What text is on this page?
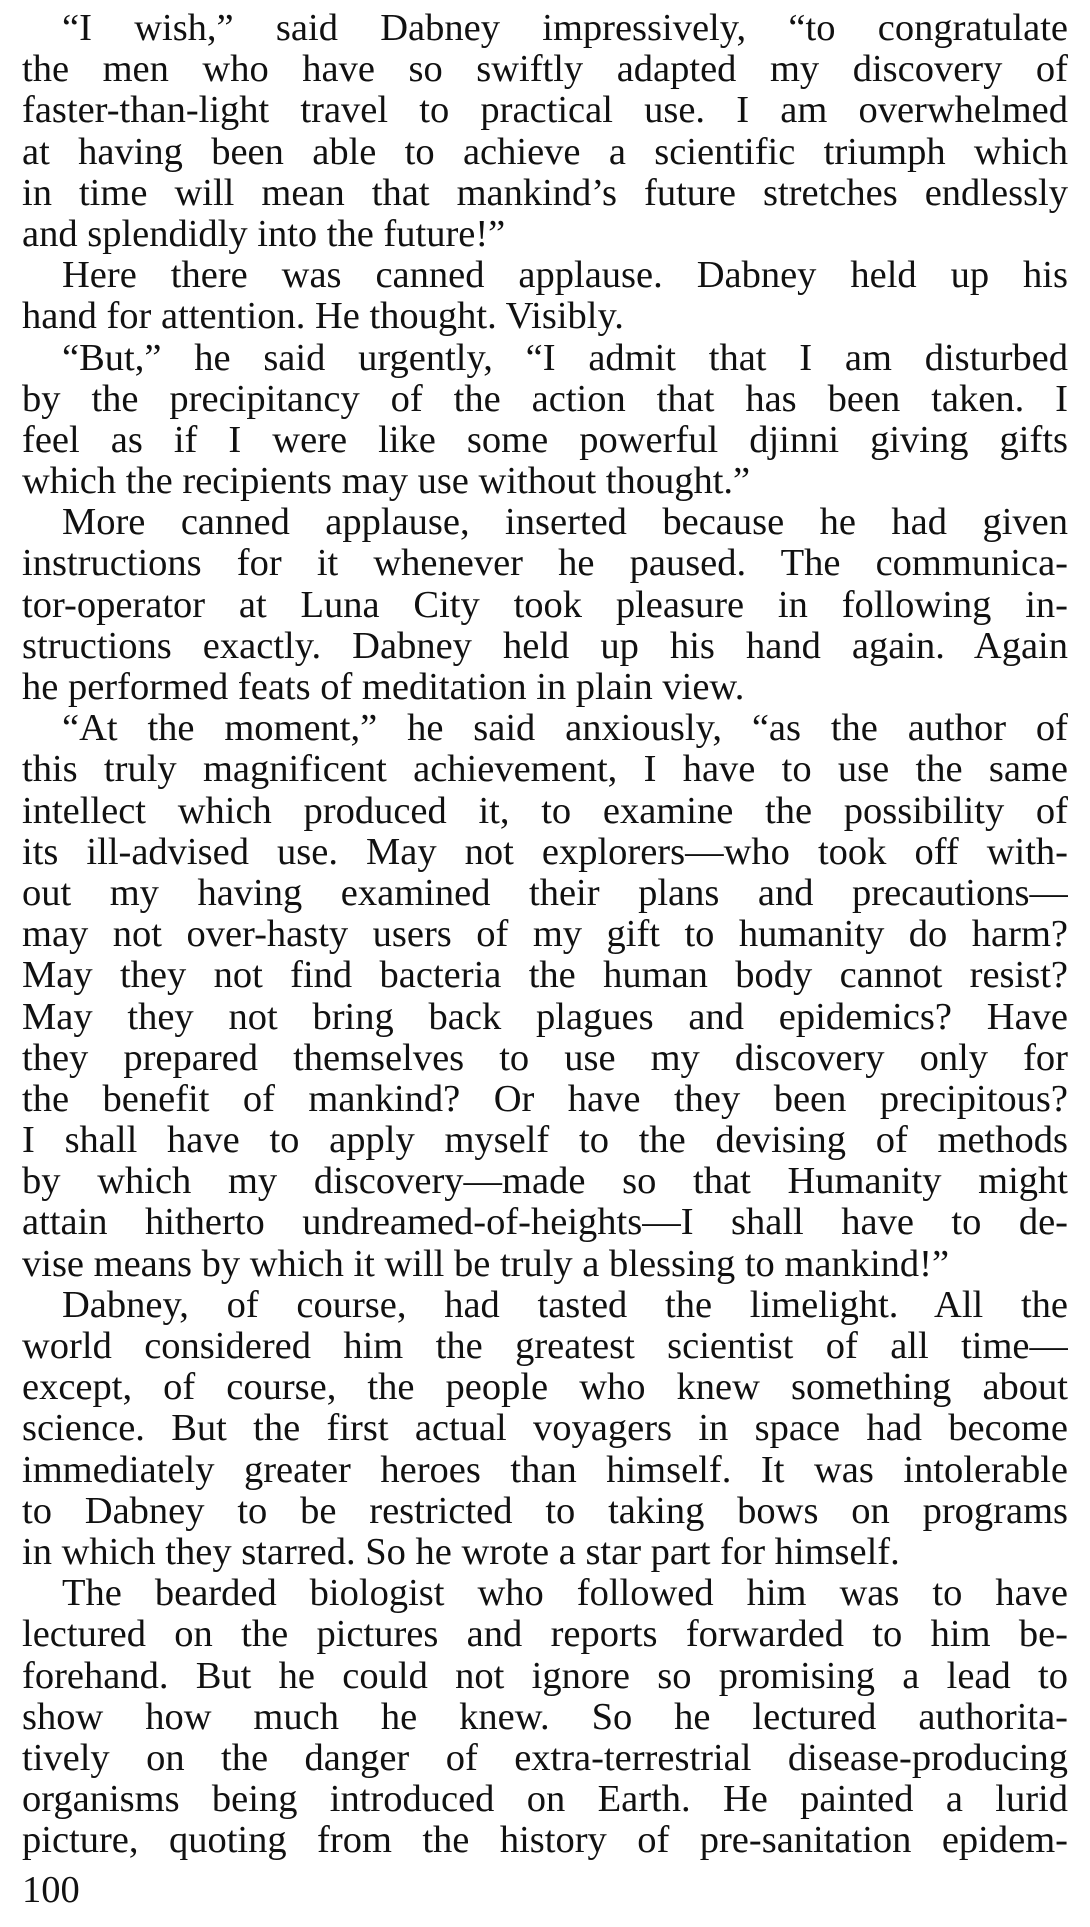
“I wish,” said Dabney impressively, “to congratulate
the men who have so swiftly adapted my discovery of
faster-than-light travel to practical use. I am overwhelmed
at having been able to achieve a scientific triumph which
in time will mean that mankind’s future stretches endlessly
and splendidly into the future!”
Here there was canned applause. Dabney held up his
hand for attention. He thought. Visibly.
“But,” he said urgently, “I admit that I am disturbed
by the precipitancy of the action that has been taken. I
feel as if I were like some powerful djinni giving gifts
which the recipients may use without thought.”
More canned applause, inserted because he had given
instructions for it whenever he paused. The communica-
tor-operator at Luna City took pleasure in following in-
structions exactly. Dabney held up his hand again. Again
he performed feats of meditation in plain view.
“At the moment,” he said anxiously, “as the author of
this truly magnificent achievement, I have to use the same
intellect which produced it, to examine the possibility of
its ill-advised use. May not explorers—who took off with-
out my having examined their plans and precautions—
may not over-hasty users of my gift to humanity do harm?
May they not find bacteria the human body cannot resist?
May they not bring back plagues and epidemics? Have
they prepared themselves to use my discovery only for
the benefit of mankind? Or have they been precipitous?
I shall have to apply myself to the devising of methods
by which my discovery—made so that Humanity might
attain hitherto undreamed-of-heights—I shall have to de-
vise means by which it will be truly a blessing to mankind!”
Dabney, of course, had tasted the limelight. All the
world considered him the greatest scientist of all time—
except, of course, the people who knew something about
science. But the first actual voyagers in space had become
immediately greater heroes than himself. It was intolerable
to Dabney to be restricted to taking bows on programs
in which they starred. So he wrote a star part for himself.
The bearded biologist who followed him was to have
lectured on the pictures and reports forwarded to him be-
forehand. But he could not ignore so promising a lead to
show how much he knew. So he lectured authorita-
tively on the danger of extra-terrestrial disease-producing
organisms being introduced on Earth. He painted a lurid
picture, quoting from the history of pre-sanitation epidem-
100
